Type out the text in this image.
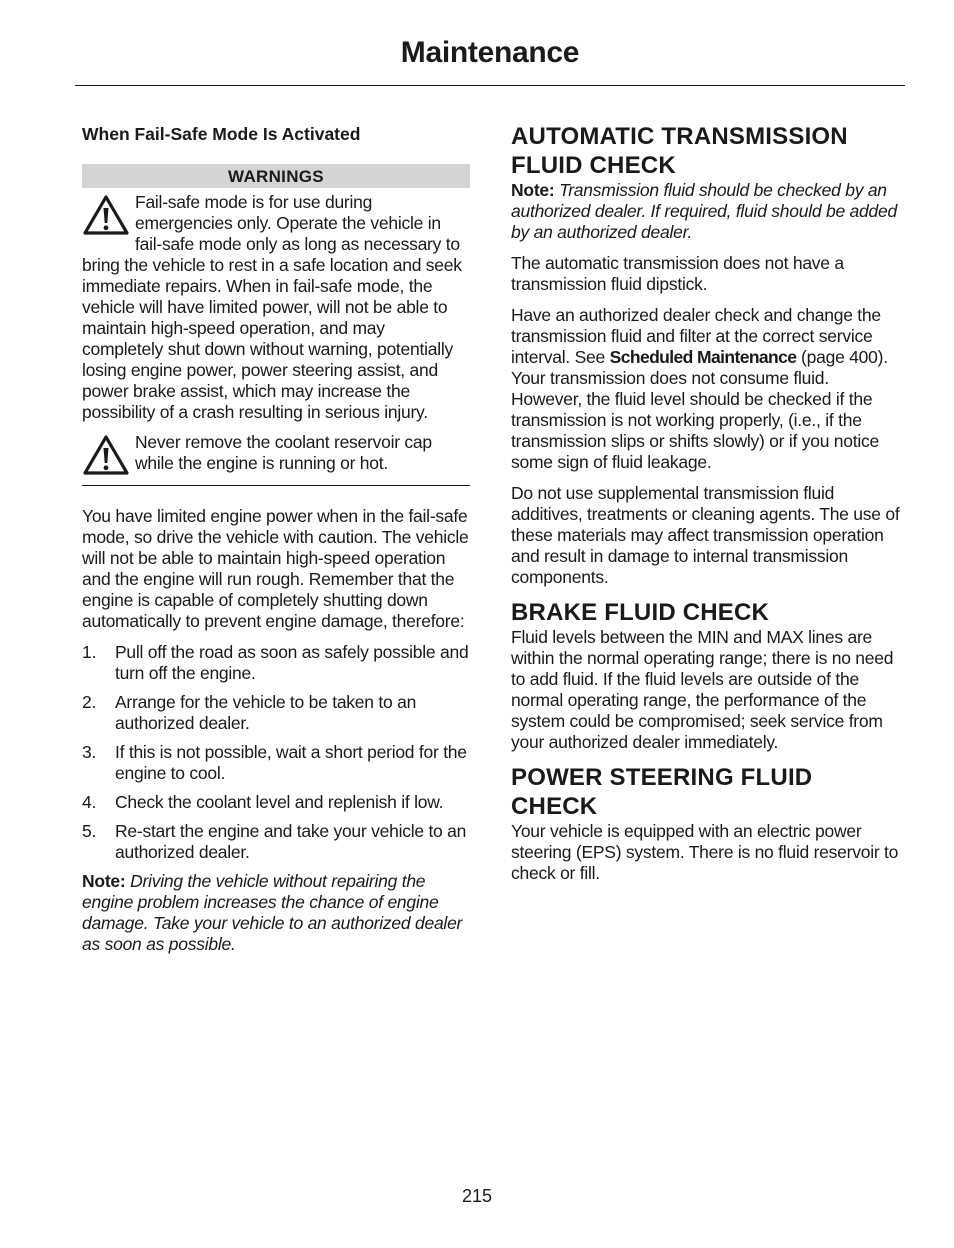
Maintenance
When Fail-Safe Mode Is Activated
WARNINGS

Fail-safe mode is for use during emergencies only. Operate the vehicle in fail-safe mode only as long as necessary to bring the vehicle to rest in a safe location and seek immediate repairs. When in fail-safe mode, the vehicle will have limited power, will not be able to maintain high-speed operation, and may completely shut down without warning, potentially losing engine power, power steering assist, and power brake assist, which may increase the possibility of a crash resulting in serious injury.

Never remove the coolant reservoir cap while the engine is running or hot.

You have limited engine power when in the fail-safe mode, so drive the vehicle with caution. The vehicle will not be able to maintain high-speed operation and the engine will run rough. Remember that the engine is capable of completely shutting down automatically to prevent engine damage, therefore:

1. Pull off the road as soon as safely possible and turn off the engine.
2. Arrange for the vehicle to be taken to an authorized dealer.
3. If this is not possible, wait a short period for the engine to cool.
4. Check the coolant level and replenish if low.
5. Re-start the engine and take your vehicle to an authorized dealer.

Note: Driving the vehicle without repairing the engine problem increases the chance of engine damage. Take your vehicle to an authorized dealer as soon as possible.

AUTOMATIC TRANSMISSION FLUID CHECK

Note: Transmission fluid should be checked by an authorized dealer. If required, fluid should be added by an authorized dealer.

The automatic transmission does not have a transmission fluid dipstick.

Have an authorized dealer check and change the transmission fluid and filter at the correct service interval. See Scheduled Maintenance (page 400). Your transmission does not consume fluid. However, the fluid level should be checked if the transmission is not working properly, (i.e., if the transmission slips or shifts slowly) or if you notice some sign of fluid leakage.

Do not use supplemental transmission fluid additives, treatments or cleaning agents. The use of these materials may affect transmission operation and result in damage to internal transmission components.

BRAKE FLUID CHECK

Fluid levels between the MIN and MAX lines are within the normal operating range; there is no need to add fluid. If the fluid levels are outside of the normal operating range, the performance of the system could be compromised; seek service from your authorized dealer immediately.

POWER STEERING FLUID CHECK

Your vehicle is equipped with an electric power steering (EPS) system. There is no fluid reservoir to check or fill.

215
